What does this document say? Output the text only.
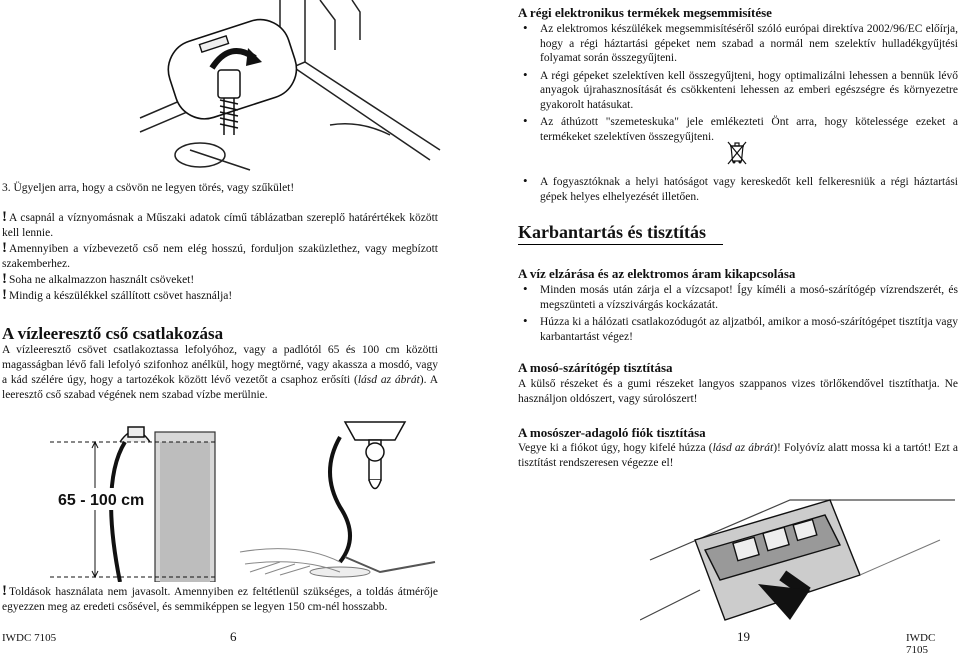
3. Ügyeljen arra, hogy a csövön ne legyen törés, vagy szűkület!
! A csapnál a víznyomásnak a Műszaki adatok című táblázatban szereplő határértékek között kell lennie.
! Amennyiben a vízbevezető cső nem elég hosszú, forduljon szaküzlethez, vagy megbízott szakemberhez.
! Soha ne alkalmazzon használt csöveket!
! Mindig a készülékkel szállított csövet használja!
A vízleeresztő cső csatlakozása
A vízleeresztő csövet csatlakoztassa lefolyóhoz, vagy a padlótól 65 és 100 cm közötti magasságban lévő fali lefolyó szifonhoz anélkül, hogy megtörné, vagy akassza a mosdó, vagy a kád szélére úgy, hogy a tartozékok között lévő vezetőt a csaphoz erősíti (lásd az ábrát). A leeresztő cső szabad végének nem szabad vízbe merülnie.
65 - 100 cm
! Toldások használata nem javasolt. Amennyiben ez feltétlenül szükséges, a toldás átmérője egyezzen meg az eredeti csősével, és semmiképpen se legyen 150 cm-nél hosszabb.
A régi elektronikus termékek megsemmisítése
• Az elektromos készülékek megsemmisítéséről szóló európai direktíva 2002/96/EC előírja, hogy a régi háztartási gépeket nem szabad a normál nem szelektív hulladékgyűjtési folyamat során összegyűjteni.
• A régi gépeket szelektíven kell összegyűjteni, hogy optimalizálni lehessen a bennük lévő anyagok újrahasznosítását és csökkenteni lehessen az emberi egészségre és környezetre gyakorolt hatásukat.
• Az áthúzott "szemeteskuka" jele emlékezteti Önt arra, hogy kötelessége ezeket a termékeket szelektíven összegyűjteni.
• A fogyasztóknak a helyi hatóságot vagy kereskedőt kell felkeresniük a régi háztartási gépek helyes elhelyezését illetően.
Karbantartás és tisztítás
A víz elzárása és az elektromos áram kikapcsolása
• Minden mosás után zárja el a vízcsapot! Így kíméli a mosó-szárítógép vízrendszerét, és megszünteti a vízszivárgás kockázatát.
• Húzza ki a hálózati csatlakozódugót az aljzatból, amikor a mosó-szárítógépet tisztítja vagy karbantartást végez!
A mosó-szárítógép tisztítása
A külső részeket és a gumi részeket langyos szappanos vizes törlőkendővel tisztíthatja. Ne használjon oldószert, vagy súrolószert!
A mosószer-adagoló fiók tisztítása
Vegye ki a fiókot úgy, hogy kifelé húzza (lásd az ábrát)! Folyóvíz alatt mossa ki a tartót! Ezt a tisztítást rendszeresen végezze el!
IWDC 7105	6	19	IWDC 7105
